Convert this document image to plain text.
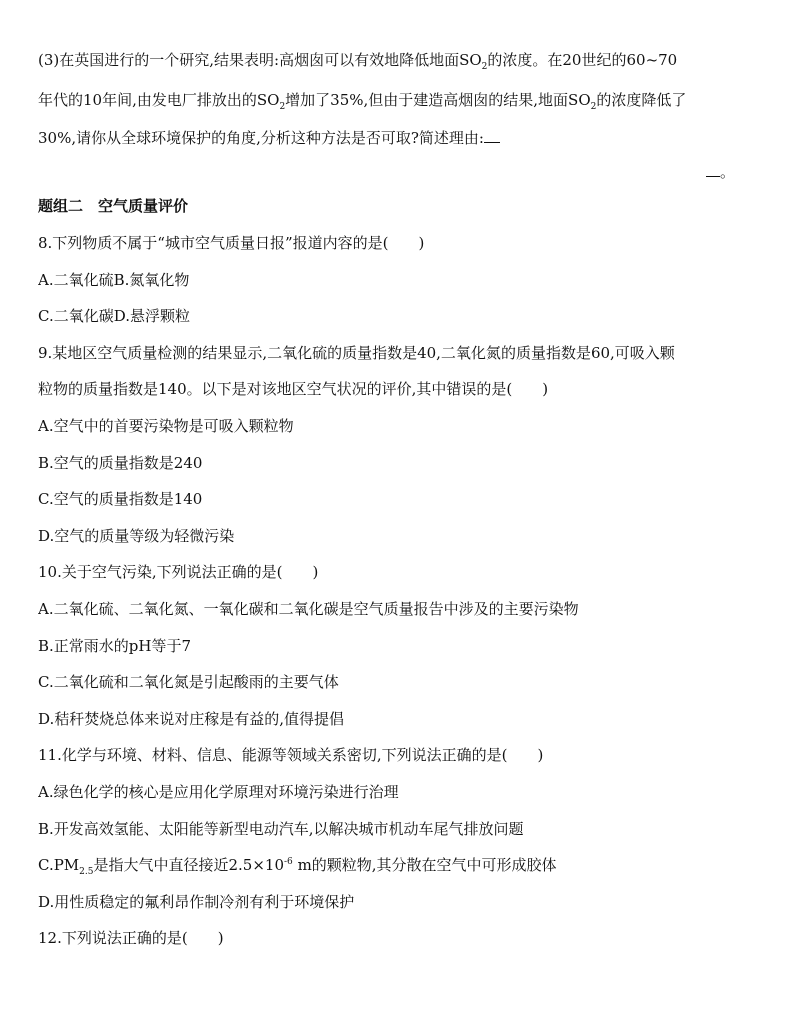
(3)在英国进行的一个研究,结果表明:高烟囱可以有效地降低地面$SO_2$的浓度。在20世纪的60~70
年代的10年间,由发电厂排放出的$SO_2$增加了35%,但由于建造高烟囱的结果,地面$SO_2$的浓度降低了
30%,请你从全球环境保护的角度,分析这种方法是否可取?简述理由:
。
题组二　空气质量评价
8.下列物质不属于“城市空气质量日报”报道内容的是(　　)
A.二氧化硫B.氮氧化物
C.二氧化碳D.悬浮颗粒
9.某地区空气质量检测的结果显示,二氧化硫的质量指数是40,二氧化氮的质量指数是60,可吸入颗
粒物的质量指数是140。以下是对该地区空气状况的评价,其中错误的是(　　)
A.空气中的首要污染物是可吸入颗粒物
B.空气的质量指数是240
C.空气的质量指数是140
D.空气的质量等级为轻微污染
10.关于空气污染,下列说法正确的是(　　)
A.二氧化硫、二氧化氮、一氧化碳和二氧化碳是空气质量报告中涉及的主要污染物
B.正常雨水的pH等于7
C.二氧化硫和二氧化氮是引起酸雨的主要气体
D.秸秆焚烧总体来说对庄稼是有益的,值得提倡
11.化学与环境、材料、信息、能源等领域关系密切,下列说法正确的是(　　)
A.绿色化学的核心是应用化学原理对环境污染进行治理
B.开发高效氢能、太阳能等新型电动汽车,以解决城市机动车尾气排放问题
$C.PM_{2.5}$是指大气中直径接近$2.5\times 10^{-6}$ m的颗粒物,其分散在空气中可形成胶体
D.用性质稳定的氟利昂作制冷剂有利于环境保护
12.下列说法正确的是(　　)
